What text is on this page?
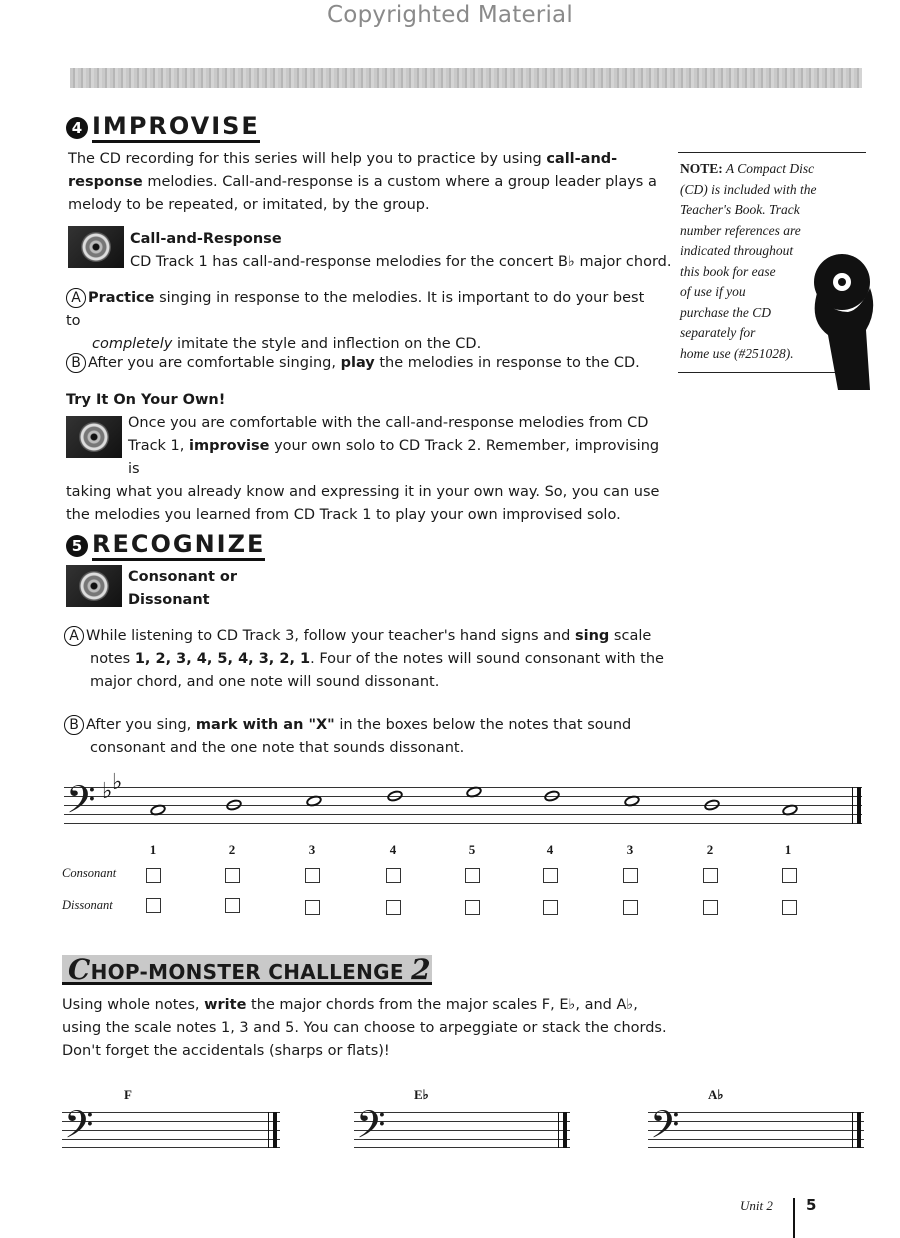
Copyrighted Material
4 IMPROVISE
The CD recording for this series will help you to practice by using call-and-
response melodies. Call-and-response is a custom where a group leader plays a
melody to be repeated, or imitated, by the group.
Call-and-Response
CD Track 1 has call-and-response melodies for the concert B♭ major chord.
A Practice singing in response to the melodies. It is important to do your best to
completely imitate the style and inflection on the CD.
B After you are comfortable singing, play the melodies in response to the CD.
Try It On Your Own!
Once you are comfortable with the call-and-response melodies from CD
Track 1, improvise your own solo to CD Track 2. Remember, improvising is
taking what you already know and expressing it in your own way. So, you can use
the melodies you learned from CD Track 1 to play your own improvised solo.
NOTE: A Compact Disc
(CD) is included with the
Teacher's Book. Track
number references are
indicated throughout
this book for ease
of use if you
purchase the CD
separately for
home use (#251028).
5 RECOGNIZE
Consonant or
Dissonant
A While listening to CD Track 3, follow your teacher's hand signs and sing scale
notes 1, 2, 3, 4, 5, 4, 3, 2, 1. Four of the notes will sound consonant with the
major chord, and one note will sound dissonant.
B After you sing, mark with an "X" in the boxes below the notes that sound
consonant and the one note that sounds dissonant.
𝄢 ♭ ♭
1	2	3	4	5	4	3	2	1
Consonant
Dissonant
CHOP-MONSTER CHALLENGE 2
Using whole notes, write the major chords from the major scales F, E♭, and A♭,
using the scale notes 1, 3 and 5. You can choose to arpeggiate or stack the chords.
Don't forget the accidentals (sharps or flats)!
F	E♭	A♭
𝄢	𝄢	𝄢
Unit 2 5
